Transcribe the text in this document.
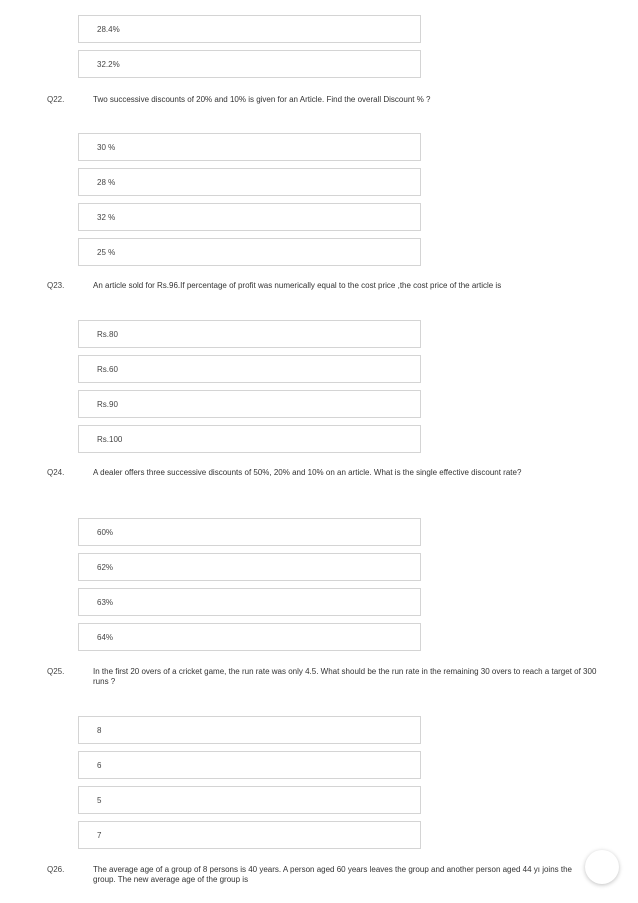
28.4%
32.2%
Q22.	Two successive discounts of 20% and 10% is given for an Article. Find the overall Discount % ?
30 %
28 %
32 %
25 %
Q23.	An article sold for Rs.96.If percentage of profit was numerically equal to the cost price ,the cost price of the article is
Rs.80
Rs.60
Rs.90
Rs.100
Q24.	A dealer offers three successive discounts of 50%, 20% and 10% on an article. What is the single effective discount rate?
60%
62%
63%
64%
Q25.	In the first 20 overs of a cricket game, the run rate was only 4.5. What should be the run rate in the remaining 30 overs to reach a target of 300 runs ?
8
6
5
7
Q26.	The average age of a group of 8 persons is 40 years. A person aged 60 years leaves the group and another person aged 44 yı joins the group. The new average age of the group is
